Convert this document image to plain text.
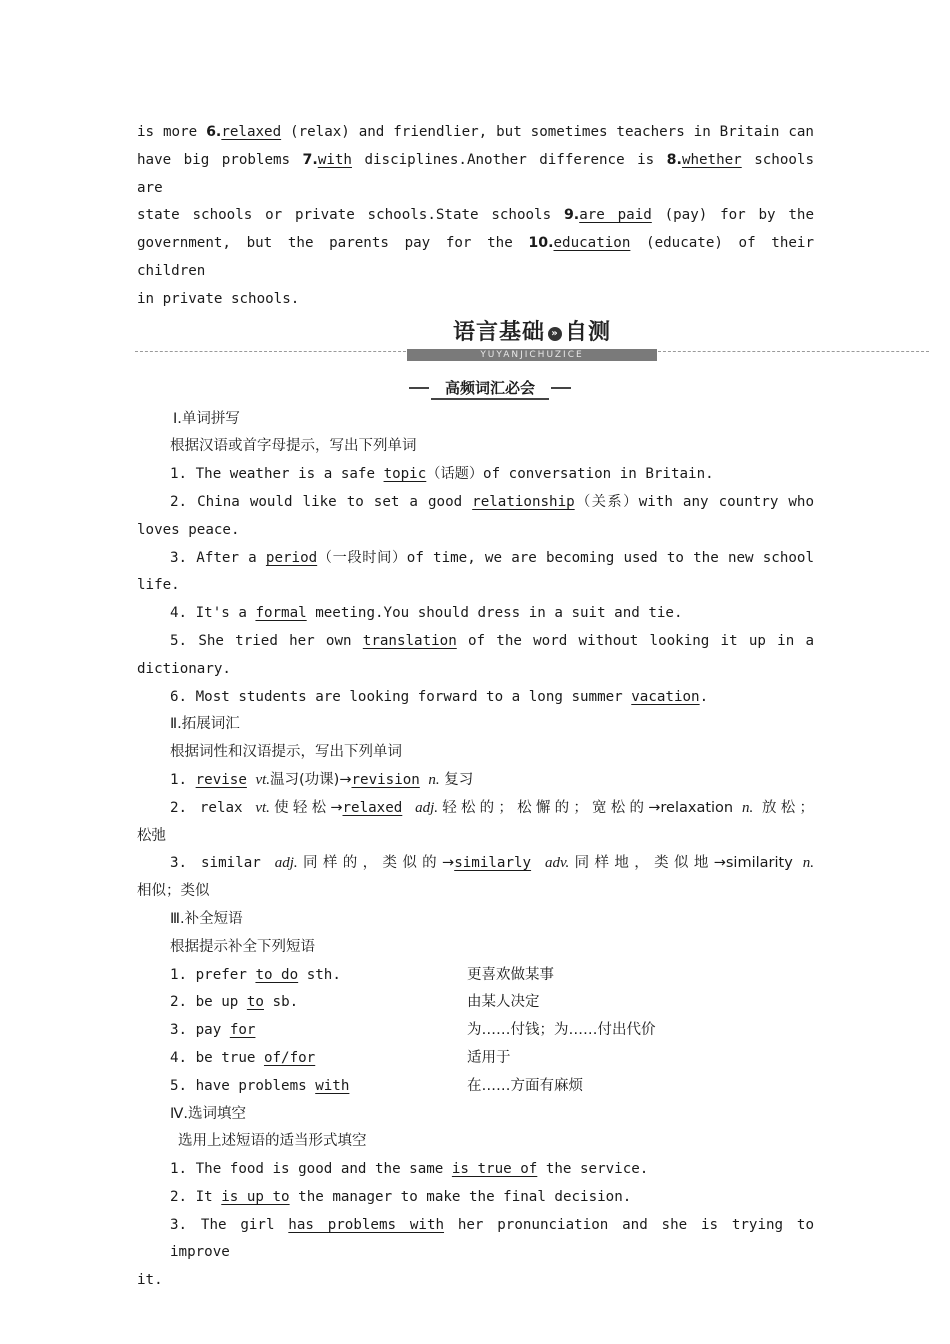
is more 6.relaxed (relax) and friendlier, but sometimes teachers in Britain can
have big problems 7.with disciplines.Another difference is 8.whether schools are
state schools or private schools.State schools 9.are paid (pay) for by the
government, but the parents pay for the 10.education (educate) of their children
in private schools.
语言基础 » 自测
YUYANJICHUZICE
高频词汇必会
Ⅰ.单词拼写
根据汉语或首字母提示，写出下列单词
1. The weather is a safe topic（话题）of conversation in Britain.
2. China would like to set a good relationship（关系）with any country who
loves peace.
3. After a period（一段时间）of time, we are becoming used to the new school
life.
4. It's a formal meeting.You should dress in a suit and tie.
5. She tried her own translation of the word without looking it up in a
dictionary.
6. Most students are looking forward to a long summer vacation.
Ⅱ.拓展词汇
根据词性和汉语提示，写出下列单词
1. revise vt.温习(功课)→revision n. 复习
2. relax vt.使轻松→relaxed adj.轻松的；松懈的；宽松的→relaxation n. 放松；
松弛
3. similar adj.同样的，类似的→similarly adv.同样地，类似地→similarity n.
相似；类似
Ⅲ.补全短语
根据提示补全下列短语
1. prefer to do sth.	更喜欢做某事
2. be up to sb.	由某人决定
3. pay for	为……付钱；为……付出代价
4. be true of/for	适用于
5. have problems with	在……方面有麻烦
Ⅳ.选词填空
选用上述短语的适当形式填空
1. The food is good and the same is true of the service.
2. It is up to the manager to make the final decision.
3. The girl has problems with her pronunciation and she is trying to improve
it.
